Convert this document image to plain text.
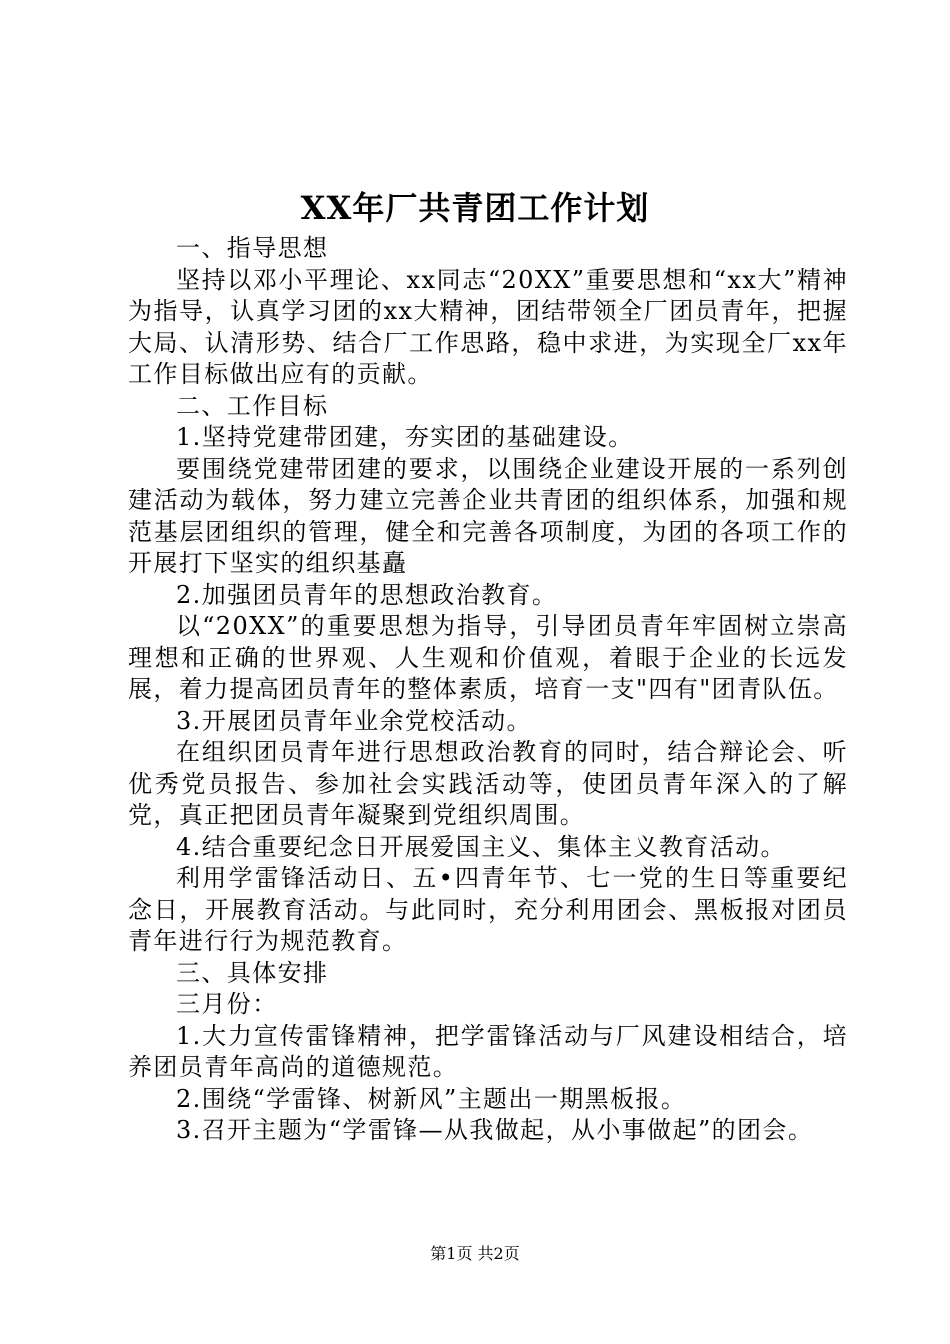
XX年厂共青团工作计划

一、指导思想

坚持以邓小平理论、xx同志“20XX”重要思想和“xx大”精神为指导，认真学习团的xx大精神，团结带领全厂团员青年，把握大局、认清形势、结合厂工作思路，稳中求进，为实现全厂xx年工作目标做出应有的贡献。

二、工作目标

1.坚持党建带团建，夯实团的基础建设。

要围绕党建带团建的要求，以围绕企业建设开展的一系列创建活动为载体，努力建立完善企业共青团的组织体系，加强和规范基层团组织的管理，健全和完善各项制度，为团的各项工作的开展打下坚实的组织基矗

2.加强团员青年的思想政治教育。

以“20XX”的重要思想为指导，引导团员青年牢固树立崇高理想和正确的世界观、人生观和价值观，着眼于企业的长远发展，着力提高团员青年的整体素质，培育一支"四有"团青队伍。

3.开展团员青年业余党校活动。

在组织团员青年进行思想政治教育的同时，结合辩论会、听优秀党员报告、参加社会实践活动等，使团员青年深入的了解党，真正把团员青年凝聚到党组织周围。

4.结合重要纪念日开展爱国主义、集体主义教育活动。

利用学雷锋活动日、五•四青年节、七一党的生日等重要纪念日，开展教育活动。与此同时，充分利用团会、黑板报对团员青年进行行为规范教育。

三、具体安排

三月份：

1.大力宣传雷锋精神，把学雷锋活动与厂风建设相结合，培养团员青年高尚的道德规范。

2.围绕“学雷锋、树新风”主题出一期黑板报。

3.召开主题为“学雷锋—从我做起，从小事做起”的团会。

第1页 共2页
